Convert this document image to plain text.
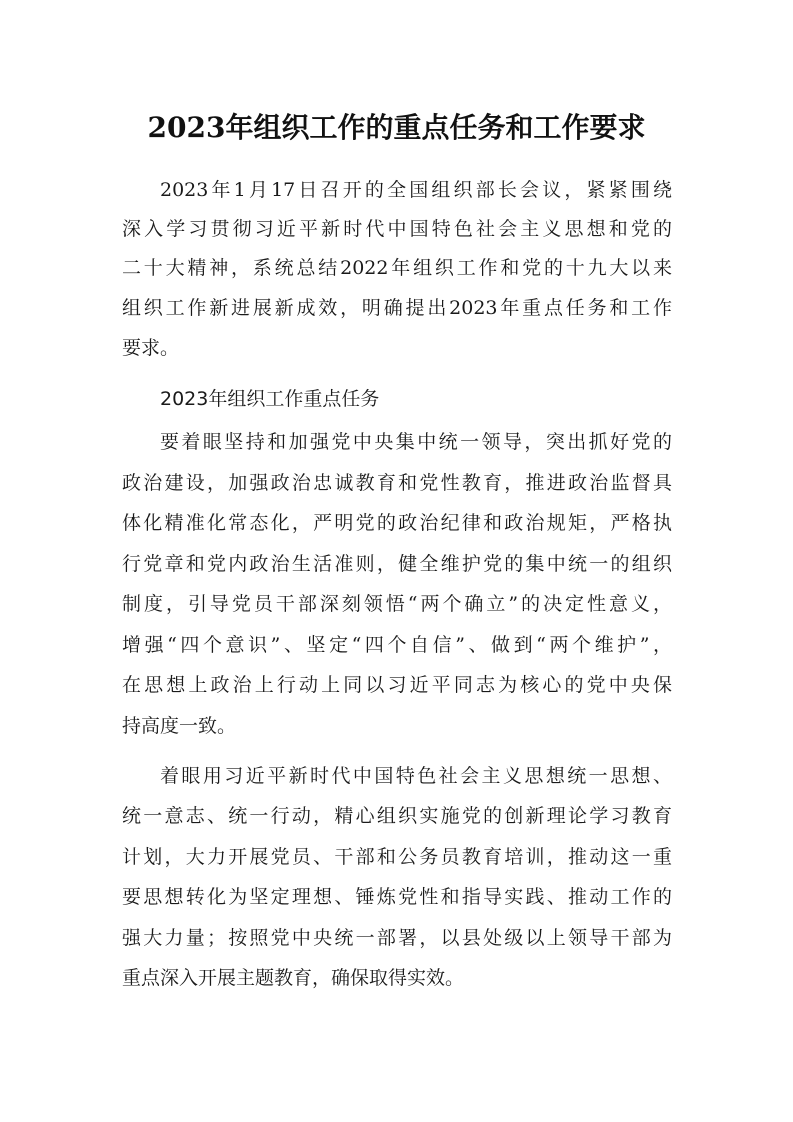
2023年组织工作的重点任务和工作要求
2023年1月17日召开的全国组织部长会议，紧紧围绕
深入学习贯彻习近平新时代中国特色社会主义思想和党的
二十大精神，系统总结2022年组织工作和党的十九大以来
组织工作新进展新成效，明确提出2023年重点任务和工作
要求。
2023年组织工作重点任务
要着眼坚持和加强党中央集中统一领导，突出抓好党的
政治建设，加强政治忠诚教育和党性教育，推进政治监督具
体化精准化常态化，严明党的政治纪律和政治规矩，严格执
行党章和党内政治生活准则，健全维护党的集中统一的组织
制度，引导党员干部深刻领悟“两个确立”的决定性意义，
增强“四个意识”、坚定“四个自信”、做到“两个维护”，
在思想上政治上行动上同以习近平同志为核心的党中央保
持高度一致。
着眼用习近平新时代中国特色社会主义思想统一思想、
统一意志、统一行动，精心组织实施党的创新理论学习教育
计划，大力开展党员、干部和公务员教育培训，推动这一重
要思想转化为坚定理想、锤炼党性和指导实践、推动工作的
强大力量；按照党中央统一部署，以县处级以上领导干部为
重点深入开展主题教育，确保取得实效。
